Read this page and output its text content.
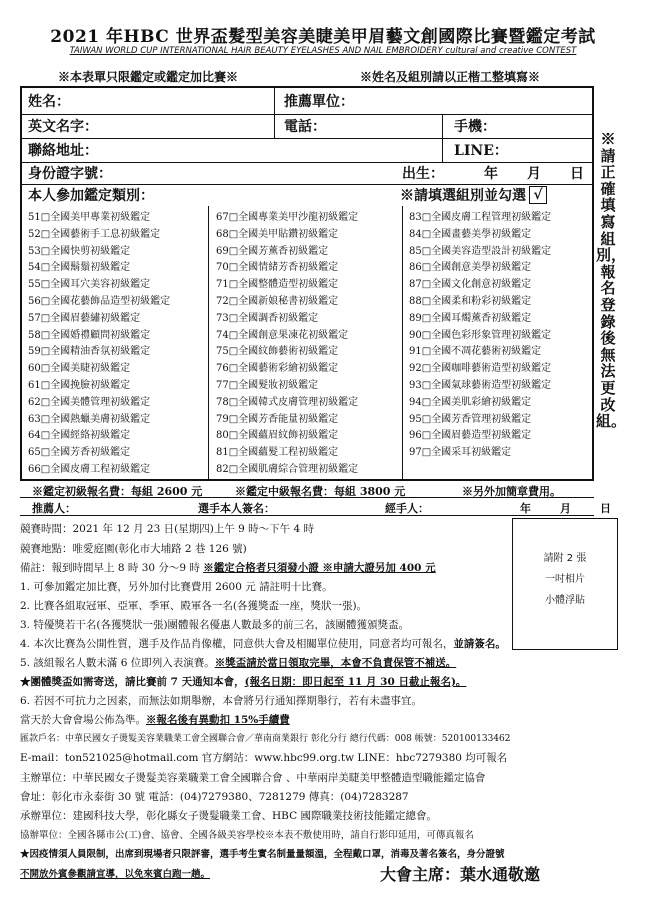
2021 年HBC 世界盃髮型美容美睫美甲眉藝文創國際比賽暨鑑定考試
TAIWAN WORLD CUP INTERNATIONAL HAIR BEAUTY EYELASHES AND NAIL EMBROIDERY cultural and creative CONTEST
※本表單只限鑑定或鑑定加比賽※	※姓名及組別請以正楷工整填寫※
姓名：	推薦單位：
英文名字：	電話：	手機：
聯絡地址：	LINE：
身份證字號：	出生：	年 月 日
本人參加鑑定類別：	※請填選組別並勾選 √
51□全國美甲專業初級鑑定
52□全國藝術手工息初級鑑定
53□全國快剪初級鑑定
54□全國鬍鬚初級鑑定
55□全國耳穴美容初級鑑定
56□全國花藝飾品造型初級鑑定
57□全國眉藝繡初級鑑定
58□全國婚禮顧問初級鑑定
59□全國精油香氛初級鑑定
60□全國美睫初級鑑定
61□全國挽臉初級鑑定
62□全國美體管理初級鑑定
63□全國熱蠟美膚初級鑑定
64□全國經絡初級鑑定
65□全國芳香初級鑑定
66□全國皮膚工程初級鑑定
67□全國專業美甲沙龍初級鑑定
68□全國美甲貼鑽初級鑑定
69□全國芳薰香初級鑑定
70□全國情緒芳香初級鑑定
71□全國整體造型初級鑑定
72□全國新娘秘書初級鑑定
73□全國調香初級鑑定
74□全國創意果凍花初級鑑定
75□全國紋飾藝術初級鑑定
76□全國藝術彩繪初級鑑定
77□全國髮妝初級鑑定
78□全國韓式皮膚管理初級鑑定
79□全國芳香能量初級鑑定
80□全國蘊眉紋飾初級鑑定
81□全國蘊髮工程初級鑑定
82□全國肌膚綜合管理初級鑑定
83□全國皮膚工程管理初級鑑定
84□全國畫藝美學初級鑑定
85□全國美容造型設計初級鑑定
86□全國創意美學初級鑑定
87□全國文化創意初級鑑定
88□全國柔和粉彩初級鑑定
89□全國耳燭薰香初級鑑定
90□全國色彩形象管理初級鑑定
91□全國不凋花藝術初級鑑定
92□全國咖啡藝術造型初級鑑定
93□全國氣球藝術造型初級鑑定
94□全國美肌彩繪初級鑑定
95□全國芳香管理初級鑑定
96□全國眉藝造型初級鑑定
97□全國采耳初級鑑定
※請正確填寫組別，報名登錄後無法更改組。
※鑑定初級報名費：每組 2600 元	※鑑定中級報名費：每組 3800 元	※另外加簡章費用。
推薦人：	選手本人簽名：	經手人：	年	月	日
請附 2 張
一吋相片
小體浮貼
競賽時間：2021 年 12 月 23 日(星期四)上午 9 時～下午 4 時
競賽地點：唯愛庭園(彰化市大埔路 2 巷 126 號)
備註：報到時間早上 8 時 30 分～9 時 ※鑑定合格者只須發小證 ※申請大證另加 400 元
1. 可參加鑑定加比賽，另外加付比賽費用 2600 元 請註明十比賽。
2. 比賽各組取冠軍、亞軍、季軍、殿軍各一名(各獲獎盃一座，獎狀一張)。
3. 特優獎若干名(各獲獎狀一張)團體報名優惠人數最多的前三名，該團體獲頒獎盃。
4. 本次比賽為公開性質，選手及作品肖像權，同意供大會及相關單位使用，同意者均可報名，並請簽名。
5. 該組報名人數未滿 6 位即列入表演賽。※獎盃請於當日領取完畢，本會不負責保管不補送。
★團體獎盃如需寄送，請比賽前 7 天通知本會，(報名日期：即日起至 11 月 30 日截止報名)。
6. 若因不可抗力之因素，而無法如期舉辦，本會將另行通知擇期舉行，若有未盡事宜。
當天於大會會場公佈為準。※報名後有異動扣 15%手續費
匯款戶名：中華民國女子燙髮美容業職業工會全國聯合會／華南商業銀行 彰化分行 總行代碼：008 帳號：520100133462
E-mail：ton521025@hotmail.com 官方網站：www.hbc99.org.tw LINE：hbc7279380 均可報名
主辦單位：中華民國女子燙髮美容業職業工會全國聯合會 、中華兩岸美睫美甲整體造型職能鑑定協會
會址：彰化市永泰街 30 號 電話：(04)7279380、7281279 傳真：(04)7283287
承辦單位：建國科技大學，彰化縣女子燙髮職業工會、HBC 國際職業技術技能鑑定總會。
協辦單位：全國各縣市公(工)會、協會、全國各級美容學校※本表不敷使用時，請自行影印延用，可傳真報名
★因疫情須人員限制，出席到現場者只限評審，選手考生實名制量量額溫，全程戴口罩，消毒及著名簽名，身分證號
不開放外賓參觀請宣導，以免來賓白跑一趟。	大會主席：葉水通敬邀
